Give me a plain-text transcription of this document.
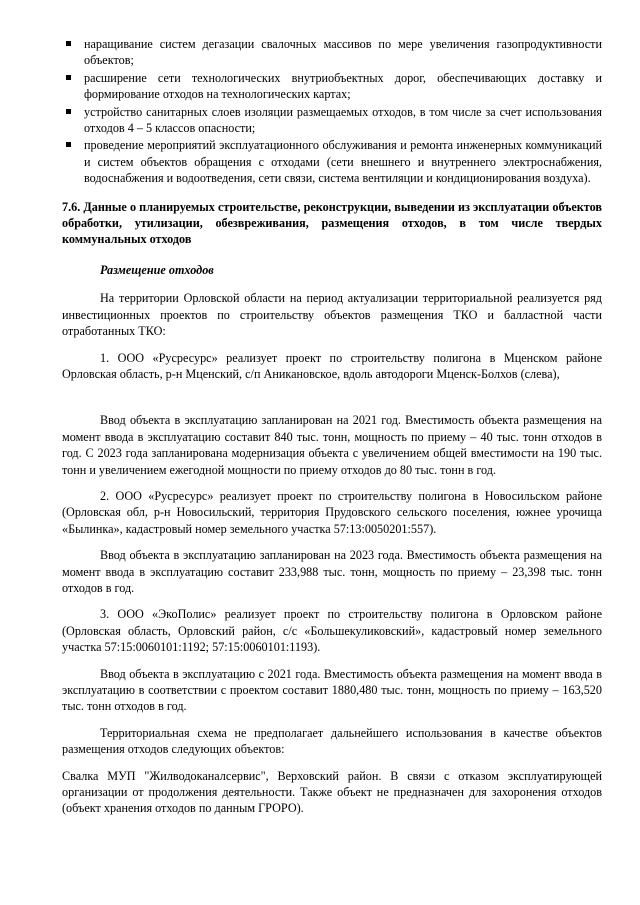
наращивание систем дегазации свалочных массивов по мере увеличения газопродуктивности объектов;
расширение сети технологических внутриобъектных дорог, обеспечивающих доставку и формирование отходов на технологических картах;
устройство санитарных слоев изоляции размещаемых отходов, в том числе за счет использования отходов 4 – 5 классов опасности;
проведение мероприятий эксплуатационного обслуживания и ремонта инженерных коммуникаций и систем объектов обращения с отходами (сети внешнего и внутреннего электроснабжения, водоснабжения и водоотведения, сети связи, система вентиляции и кондиционирования воздуха).

7.6. Данные о планируемых строительстве, реконструкции, выведении из эксплуатации объектов обработки, утилизации, обезвреживания, размещения отходов, в том числе твердых коммунальных отходов

Размещение отходов

На территории Орловской области на период актуализации территориальной реализуется ряд инвестиционных проектов по строительству объектов размещения ТКО и балластной части отработанных ТКО:

1. ООО «Русресурс» реализует проект по строительству полигона в Мценском районе Орловская область, р-н Мценский, с/п Аникановское, вдоль автодороги Мценск-Болхов (слева),

Ввод объекта в эксплуатацию запланирован на 2021 год. Вместимость объекта размещения на момент ввода в эксплуатацию составит 840 тыс. тонн, мощность по приему – 40 тыс. тонн отходов в год. С 2023 года запланирована модернизация объекта с увеличением общей вместимости на 190 тыс. тонн и увеличением ежегодной мощности по приему отходов до 80 тыс. тонн в год.

2. ООО «Русресурс» реализует проект по строительству полигона в Новосильском районе (Орловская обл, р-н Новосильский, территория Прудовского сельского поселения, южнее урочища «Былинка», кадастровый номер земельного участка 57:13:0050201:557).

Ввод объекта в эксплуатацию запланирован на 2023 года. Вместимость объекта размещения на момент ввода в эксплуатацию составит 233,988 тыс. тонн, мощность по приему – 23,398 тыс. тонн отходов в год.

3. ООО «ЭкоПолис» реализует проект по строительству полигона в Орловском районе (Орловская область, Орловский район, с/с «Большекуликовский», кадастровый номер земельного участка 57:15:0060101:1192; 57:15:0060101:1193).

Ввод объекта в эксплуатацию с 2021 года. Вместимость объекта размещения на момент ввода в эксплуатацию в соответствии с проектом составит 1880,480 тыс. тонн, мощность по приему – 163,520 тыс. тонн отходов в год.

Территориальная схема не предполагает дальнейшего использования в качестве объектов размещения отходов следующих объектов:

Свалка МУП "Жилводоканалсервис", Верховский район. В связи с отказом эксплуатирующей организации от продолжения деятельности. Также объект не предназначен для захоронения отходов (объект хранения отходов по данным ГРОРО).
